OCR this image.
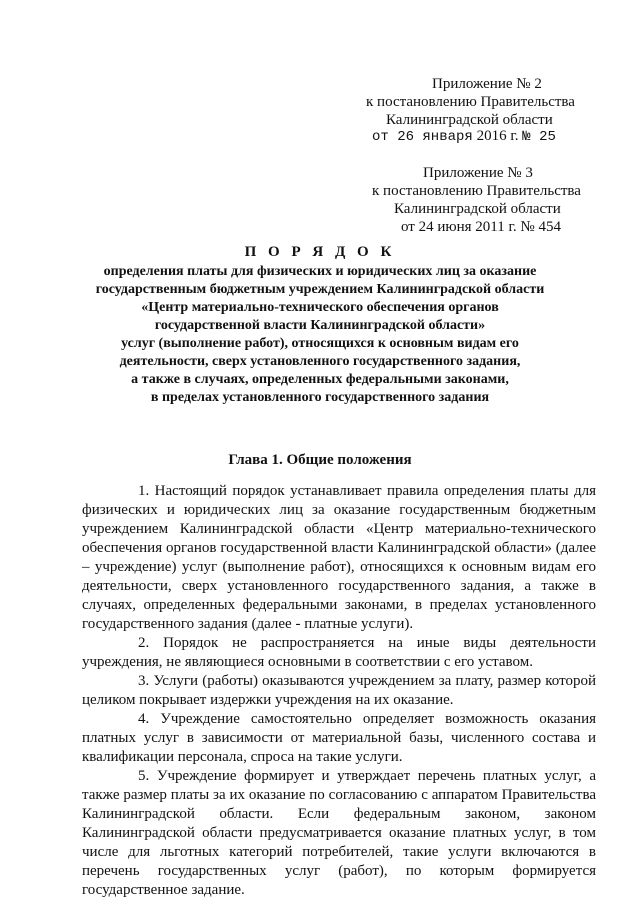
Приложение № 2
к постановлению Правительства
Калининградской области
от 26 января 2016 г. № 25
Приложение № 3
к постановлению Правительства
Калининградской области
от 24 июня 2011 г. № 454
П О Р Я Д О К
определения платы для физических и юридических лиц за оказание
государственным бюджетным учреждением Калининградской области
«Центр материально-технического обеспечения органов
государственной власти Калининградской области»
услуг (выполнение работ), относящихся к основным видам его
деятельности, сверх установленного государственного задания,
а также в случаях, определенных федеральными законами,
в пределах установленного государственного задания
Глава 1. Общие положения

1. Настоящий порядок устанавливает правила определения платы для физических и юридических лиц за оказание государственным бюджетным учреждением Калининградской области «Центр материально-технического обеспечения органов государственной власти Калининградской области» (далее – учреждение) услуг (выполнение работ), относящихся к основным видам его деятельности, сверх установленного государственного задания, а также в случаях, определенных федеральными законами, в пределах установленного государственного задания (далее - платные услуги).

2. Порядок не распространяется на иные виды деятельности учреждения, не являющиеся основными в соответствии с его уставом.

3. Услуги (работы) оказываются учреждением за плату, размер которой целиком покрывает издержки учреждения на их оказание.

4. Учреждение самостоятельно определяет возможность оказания платных услуг в зависимости от материальной базы, численного состава и квалификации персонала, спроса на такие услуги.

5. Учреждение формирует и утверждает перечень платных услуг, а также размер платы за их оказание по согласованию с аппаратом Правительства Калининградской области. Если федеральным законом, законом Калининградской области предусматривается оказание платных услуг, в том числе для льготных категорий потребителей, такие услуги включаются в перечень государственных услуг (работ), по которым формируется государственное задание.
